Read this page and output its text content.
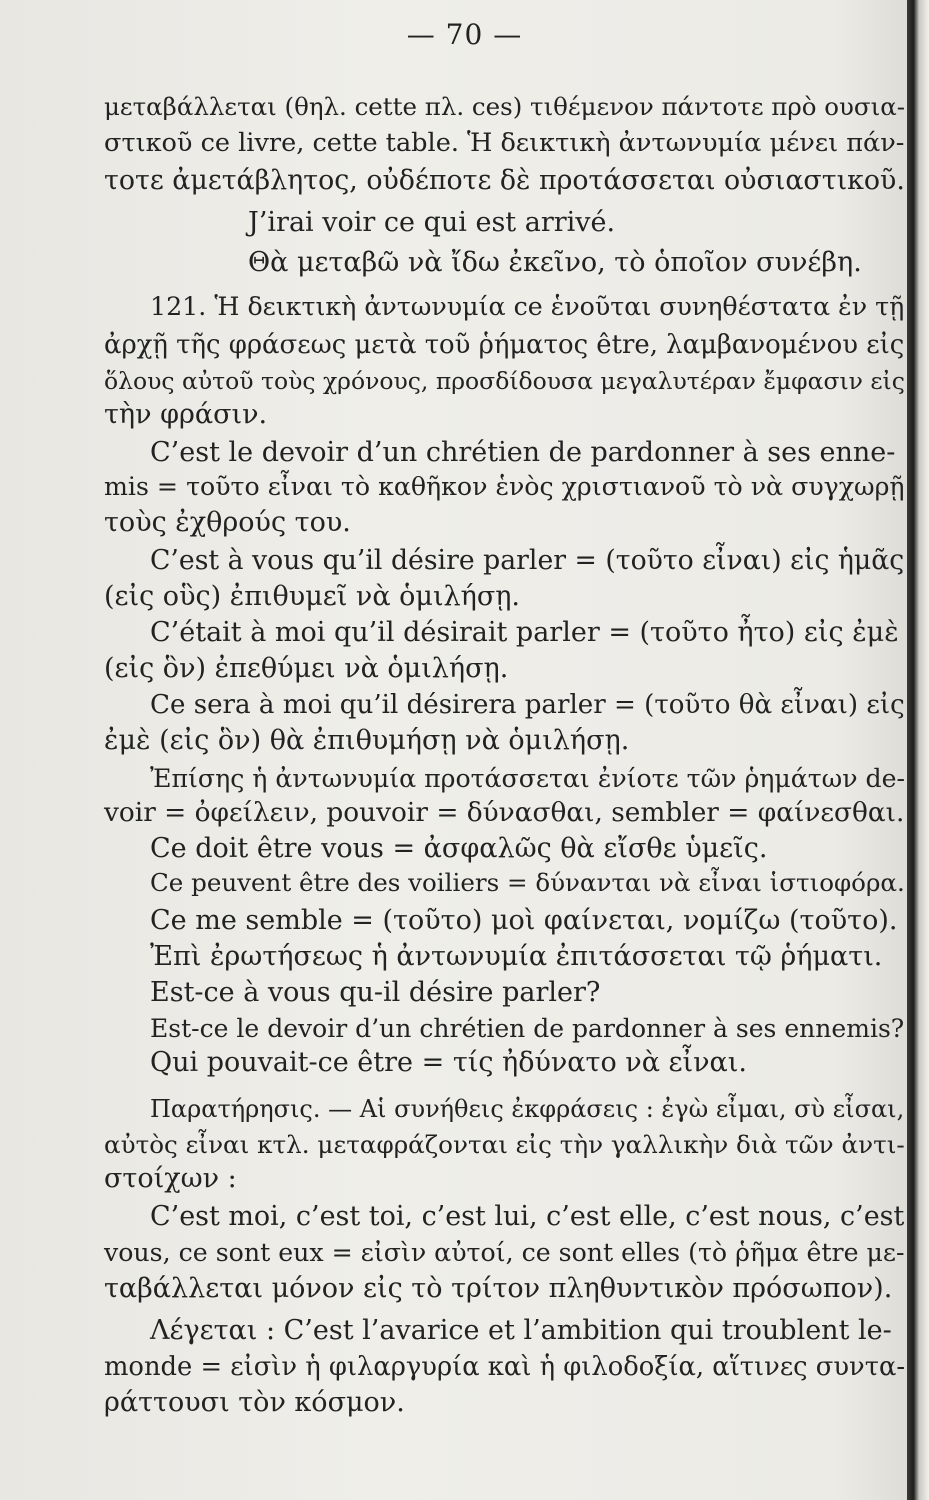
— 70 —
μεταβάλλεται (θηλ. cette πλ. ces) τιθέμενον πάντοτε πρὸ ουσια-
στικοῦ ce livre, cette table. Ἡ δεικτικὴ ἀντωνυμία μένει πάν-
τοτε ἀμετάβλητος, οὐδέποτε δὲ προτάσσεται οὐσιαστικοῦ.
J’irai voir ce qui est arrivé.
Θὰ μεταβῶ νὰ ἴδω ἐκεῖνο, τὸ ὁποῖον συνέβη.
121. Ἡ δεικτικὴ ἀντωνυμία ce ἑνοῦται συνηθέστατα ἐν τῇ
ἀρχῇ τῆς φράσεως μετὰ τοῦ ῥήματος être, λαμβανομένου εἰς
ὅλους αὐτοῦ τοὺς χρόνους, προσδίδουσα μεγαλυτέραν ἔμφασιν εἰς
τὴν φράσιν.
C’est le devoir d’un chrétien de pardonner à ses enne-
mis = τοῦτο εἶναι τὸ καθῆκον ἑνὸς χριστιανοῦ τὸ νὰ συγχωρῇ
τοὺς ἐχθρούς του.
C’est à vous qu’il désire parler = (τοῦτο εἶναι) εἰς ἡμᾶς
(εἰς οὓς) ἐπιθυμεῖ νὰ ὁμιλήσῃ.
C’était à moi qu’il désirait parler = (τοῦτο ἦτο) εἰς ἐμὲ
(εἰς ὃν) ἐπεθύμει νὰ ὁμιλήσῃ.
Ce sera à moi qu’il désirera parler = (τοῦτο θὰ εἶναι) εἰς
ἐμὲ (εἰς ὃν) θὰ ἐπιθυμήσῃ νὰ ὁμιλήσῃ.
Ἐπίσης ἡ ἀντωνυμία προτάσσεται ἐνίοτε τῶν ῥημάτων de-
voir = ὀφείλειν, pouvoir = δύνασθαι, sembler = φαίνεσθαι.
Ce doit être vous = ἀσφαλῶς θὰ εἴσθε ὑμεῖς.
Ce peuvent être des voiliers = δύνανται νὰ εἶναι ἱστιοφόρα.
Ce me semble = (τοῦτο) μοὶ φαίνεται, νομίζω (τοῦτο).
Ἐπὶ ἐρωτήσεως ἡ ἀντωνυμία ἐπιτάσσεται τῷ ῥήματι.
Est-ce à vous qu-il désire parler?
Est-ce le devoir d’un chrétien de pardonner à ses ennemis?
Qui pouvait-ce être = τίς ἠδύνατο νὰ εἶναι.
Παρατήρησις. — Αἱ συνήθεις ἐκφράσεις : ἐγὼ εἶμαι, σὺ εἶσαι,
αὐτὸς εἶναι κτλ. μεταφράζονται εἰς τὴν γαλλικὴν διὰ τῶν ἀντι-
στοίχων :
C’est moi, c’est toi, c’est lui, c’est elle, c’est nous, c’est
vous, ce sont eux = εἰσὶν αὐτοί, ce sont elles (τὸ ῥῆμα être με-
ταβάλλεται μόνον εἰς τὸ τρίτον πληθυντικὸν πρόσωπον).
Λέγεται : C’est l’avarice et l’ambition qui troublent le-
monde = εἰσὶν ἡ φιλαργυρία καὶ ἡ φιλοδοξία, αἵτινες συντα-
ράττουσι τὸν κόσμον.
